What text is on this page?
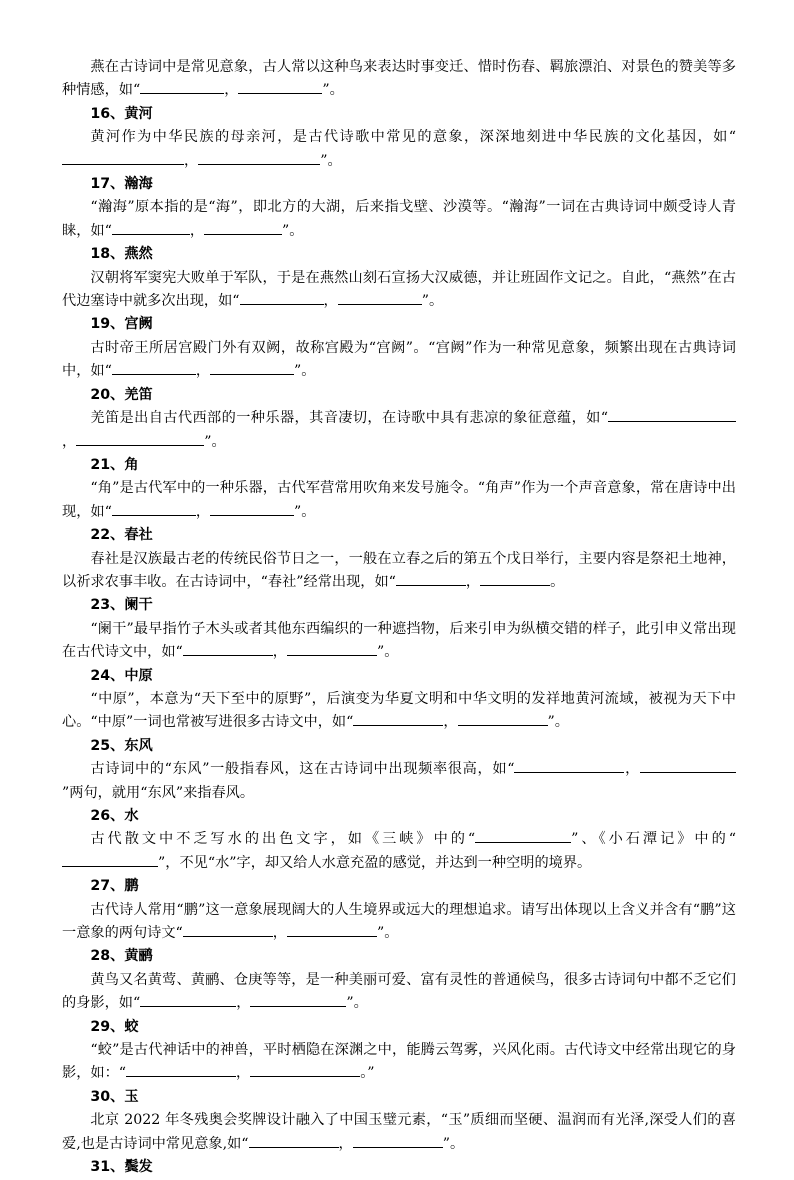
燕在古诗词中是常见意象，古人常以这种鸟来表达时事变迁、惜时伤春、羁旅漂泊、对景色的赞美等多种情感，如“	，	”。

16、黄河

黄河作为中华民族的母亲河，是古代诗歌中常见的意象，深深地刻进中华民族的文化基因，如“，	”。

17、瀚海

“瀚海”原本指的是“海”，即北方的大湖，后来指戈壁、沙漠等。“瀚海”一词在古典诗词中颇受诗人青睐，如“	，	”。

18、燕然

汉朝将军窦宪大败单于军队，于是在燕然山刻石宣扬大汉威德，并让班固作文记之。自此，“燕然”在古代边塞诗中就多次出现，如“	，	”。

19、宫阙

古时帝王所居宫殿门外有双阙，故称宫殿为“宫阙”。“宫阙”作为一种常见意象，频繁出现在古典诗词中，如“	，	”。

20、羌笛

羌笛是出自古代西部的一种乐器，其音凄切，在诗歌中具有悲凉的象征意蕴，如“，	”。

21、角

“角”是古代军中的一种乐器，古代军营常用吹角来发号施令。“角声”作为一个声音意象，常在唐诗中出现，如“	，	”。

22、春社

春社是汉族最古老的传统民俗节日之一，一般在立春之后的第五个戊日举行，主要内容是祭祀土地神，以祈求农事丰收。在古诗词中，“春社”经常出现，如“	，	。

23、阑干

“阑干”最早指竹子木头或者其他东西编织的一种遮挡物，后来引申为纵横交错的样子，此引申义常出现在古代诗文中，如“	，	”。

24、中原

“中原”，本意为“天下至中的原野”，后演变为华夏文明和中华文明的发祥地黄河流域，被视为天下中心。“中原”一词也常被写进很多古诗文中，如“	，	”。

25、东风

古诗词中的“东风”一般指春风，这在古诗词中出现频率很高，如“	，”两句，就用“东风”来指春风。

26、水

古代散文中不乏写水的出色文字，如《三峡》中的“	”、《小石潭记》中的“”，不见“水”字，却又给人水意充盈的感觉，并达到一种空明的境界。

27、鹏

古代诗人常用“鹏”这一意象展现阔大的人生境界或远大的理想追求。请写出体现以上含义并含有“鹏”这一意象的两句诗文“	，	”。

28、黄鹂

黄鸟又名黄莺、黄鹂、仓庚等等，是一种美丽可爱、富有灵性的普通候鸟，很多古诗词句中都不乏它们的身影，如“	，	”。

29、蛟

“蛟”是古代神话中的神兽，平时栖隐在深渊之中，能腾云驾雾，兴风化雨。古代诗文中经常出现它的身影，如：“	，	。”

30、玉

北京 2022 年冬残奥会奖牌设计融入了中国玉璧元素，“玉”质细而坚硬、温润而有光泽,深受人们的喜爱,也是古诗词中常见意象,如“	，	”。

31、鬓发
